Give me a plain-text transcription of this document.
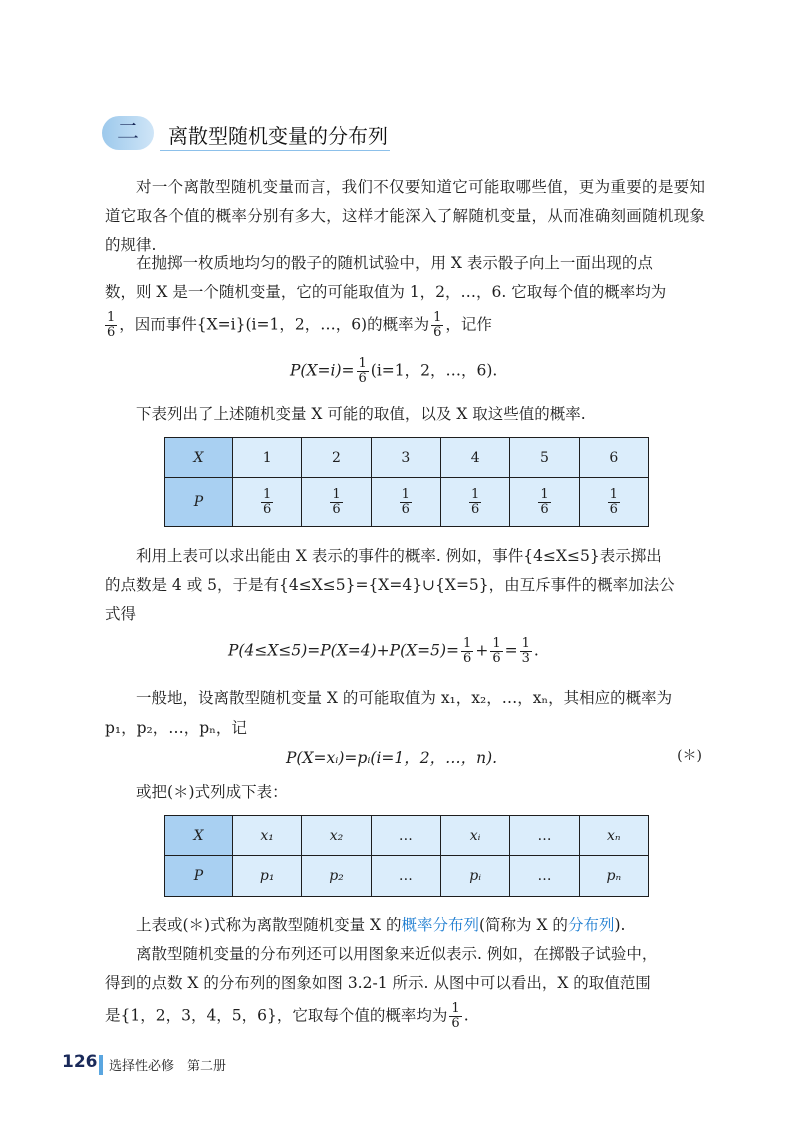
二	离散型随机变量的分布列
对一个离散型随机变量而言，我们不仅要知道它可能取哪些值，更为重要的是要知道它取各个值的概率分别有多大，这样才能深入了解随机变量，从而准确刻画随机现象的规律.
在抛掷一枚质地均匀的骰子的随机试验中，用 X 表示骰子向上一面出现的点
数，则 X 是一个随机变量，它的可能取值为 1，2，…，6. 它取每个值的概率均为
$\frac{1}{6}$ ，因而事件{X=i}(i=1，2，…，6)的概率为 $\frac{1}{6}$ ，记作
$P(X=i)= \frac{1}{6} (i=1$，2，…，6).
下表列出了上述随机变量 X 可能的取值，以及 X 取这些值的概率.
X	1	2	3	4	5	6
P	$\frac{1}{6}$	$\frac{1}{6}$	$\frac{1}{6}$	$\frac{1}{6}$	$\frac{1}{6}$	$\frac{1}{6}$
利用上表可以求出能由 X 表示的事件的概率. 例如，事件{4≤X≤5}表示掷出
的点数是 4 或 5，于是有{4≤X≤5}={X=4}∪{X=5}，由互斥事件的概率加法公
式得
$P(4\le X\le 5)=P(X=4)+P(X=5)= \frac{1}{6} + \frac{1}{6} = \frac{1}{3}$ .
一般地，设离散型随机变量 X 的可能取值为 x₁，x₂，…，xₙ，其相应的概率为
p₁，p₂，…，pₙ，记
P(X=xᵢ)=pᵢ(i=1，2，…，n).	(＊)
或把(＊)式列成下表：
X	x₁	x₂	…	xᵢ	…	xₙ
P	p₁	p₂	…	pᵢ	…	pₙ
上表或(＊)式称为离散型随机变量 X 的概率分布列(简称为 X 的分布列).
离散型随机变量的分布列还可以用图象来近似表示. 例如，在掷骰子试验中，
得到的点数 X 的分布列的图象如图 3.2-1 所示. 从图中可以看出，X 的取值范围
是{1，2，3，4，5，6}，它取每个值的概率均为 $\frac{1}{6}$ .
126 选择性必修　第二册
